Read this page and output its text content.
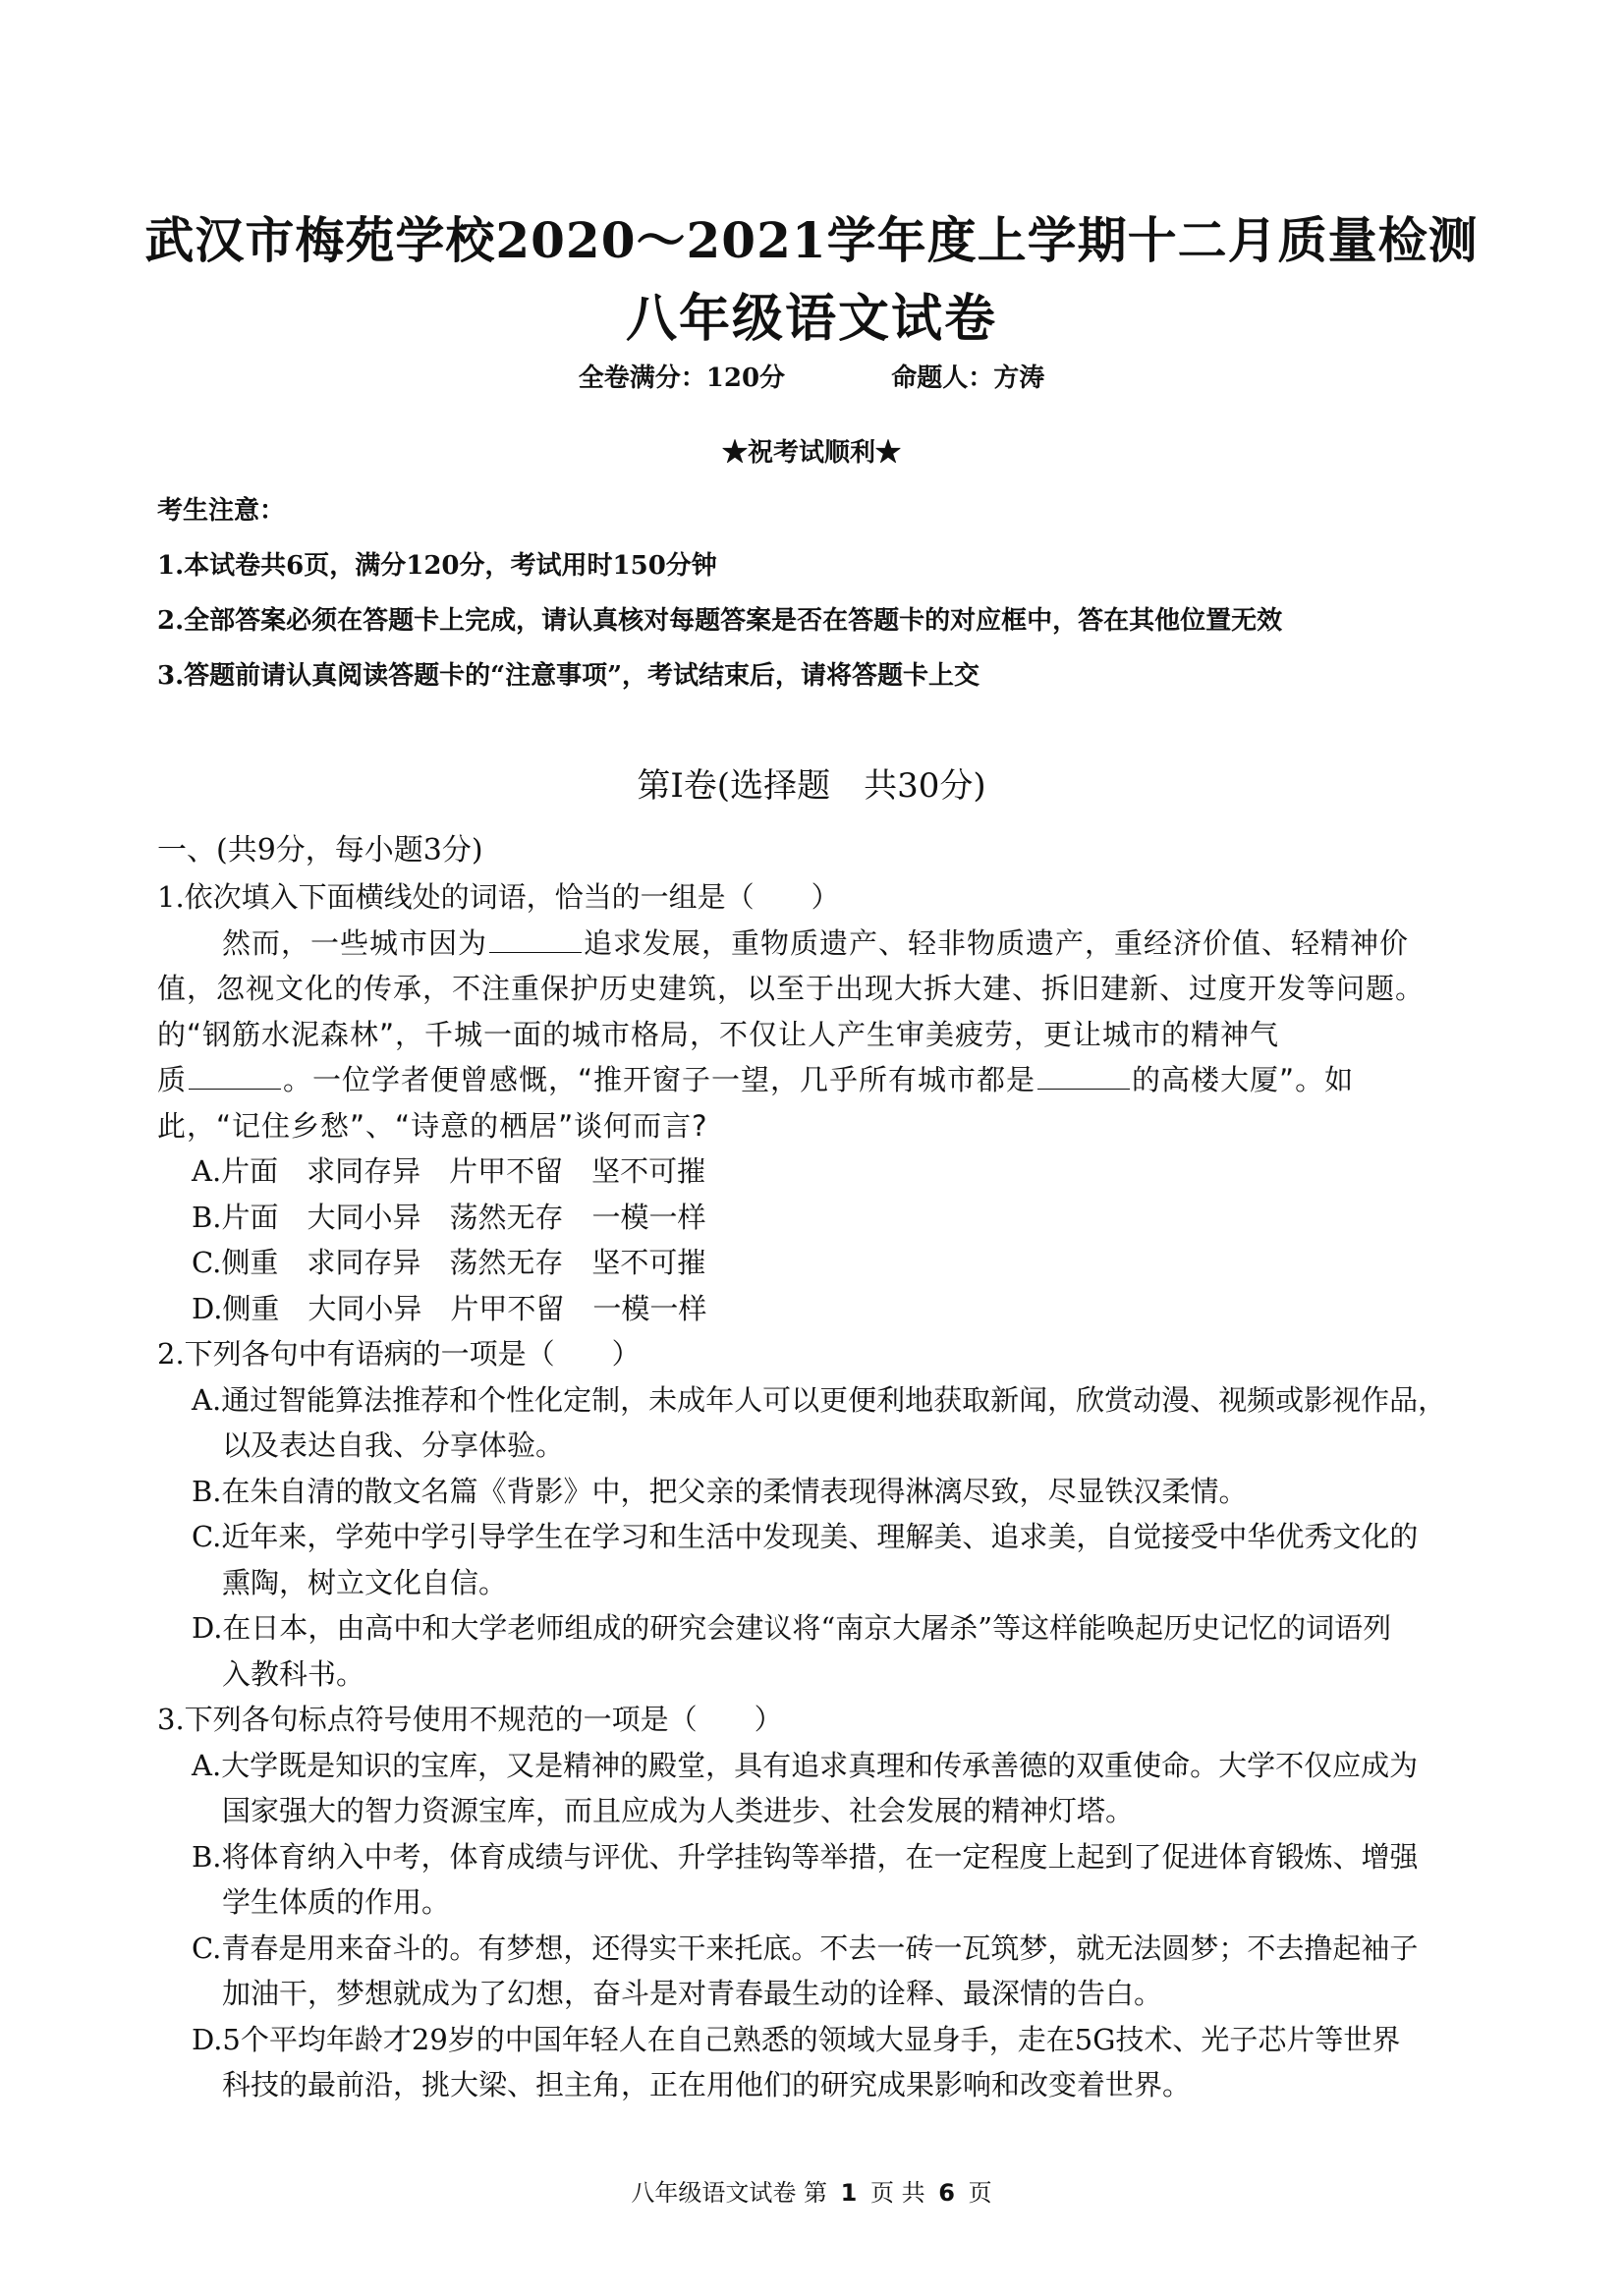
武汉市梅苑学校2020～2021学年度上学期十二月质量检测
八年级语文试卷
全卷满分：120分	命题人：方涛
★祝考试顺利★
考生注意：
1.本试卷共6页，满分120分，考试用时150分钟
2.全部答案必须在答题卡上完成，请认真核对每题答案是否在答题卡的对应框中，答在其他位置无效
3.答题前请认真阅读答题卡的“注意事项”，考试结束后，请将答题卡上交
第Ⅰ卷(选择题　共30分)
一、(共9分，每小题3分)
1.依次填入下面横线处的词语，恰当的一组是（　　）
然而，一些城市因为	追求发展，重物质遗产、轻非物质遗产，重经济价值、轻精神价
值，忽视文化的传承，不注重保护历史建筑，以至于出现大拆大建、拆旧建新、过度开发等问题。
的“钢筋水泥森林”，千城一面的城市格局，不仅让人产生审美疲劳，更让城市的精神气
质	。一位学者便曾感慨，“推开窗子一望，几乎所有城市都是	的高楼大厦”。如
此，“记住乡愁”、“诗意的栖居”谈何而言?
A.片面　求同存异　片甲不留　坚不可摧
B.片面　大同小异　荡然无存　一模一样
C.侧重　求同存异　荡然无存　坚不可摧
D.侧重　大同小异　片甲不留　一模一样
2.下列各句中有语病的一项是（　　）
A.通过智能算法推荐和个性化定制，未成年人可以更便利地获取新闻，欣赏动漫、视频或影视作品，
以及表达自我、分享体验。
B.在朱自清的散文名篇《背影》中，把父亲的柔情表现得淋漓尽致，尽显铁汉柔情。
C.近年来，学苑中学引导学生在学习和生活中发现美、理解美、追求美，自觉接受中华优秀文化的
熏陶，树立文化自信。
D.在日本，由高中和大学老师组成的研究会建议将“南京大屠杀”等这样能唤起历史记忆的词语列
入教科书。
3.下列各句标点符号使用不规范的一项是（　　）
A.大学既是知识的宝库，又是精神的殿堂，具有追求真理和传承善德的双重使命。大学不仅应成为
国家强大的智力资源宝库，而且应成为人类进步、社会发展的精神灯塔。
B.将体育纳入中考，体育成绩与评优、升学挂钩等举措，在一定程度上起到了促进体育锻炼、增强
学生体质的作用。
C.青春是用来奋斗的。有梦想，还得实干来托底。不去一砖一瓦筑梦，就无法圆梦；不去撸起袖子
加油干，梦想就成为了幻想，奋斗是对青春最生动的诠释、最深情的告白。
D.5个平均年龄才29岁的中国年轻人在自己熟悉的领域大显身手，走在5G技术、光子芯片等世界
科技的最前沿，挑大梁、担主角，正在用他们的研究成果影响和改变着世界。
八年级语文试卷 第 1 页 共 6 页
